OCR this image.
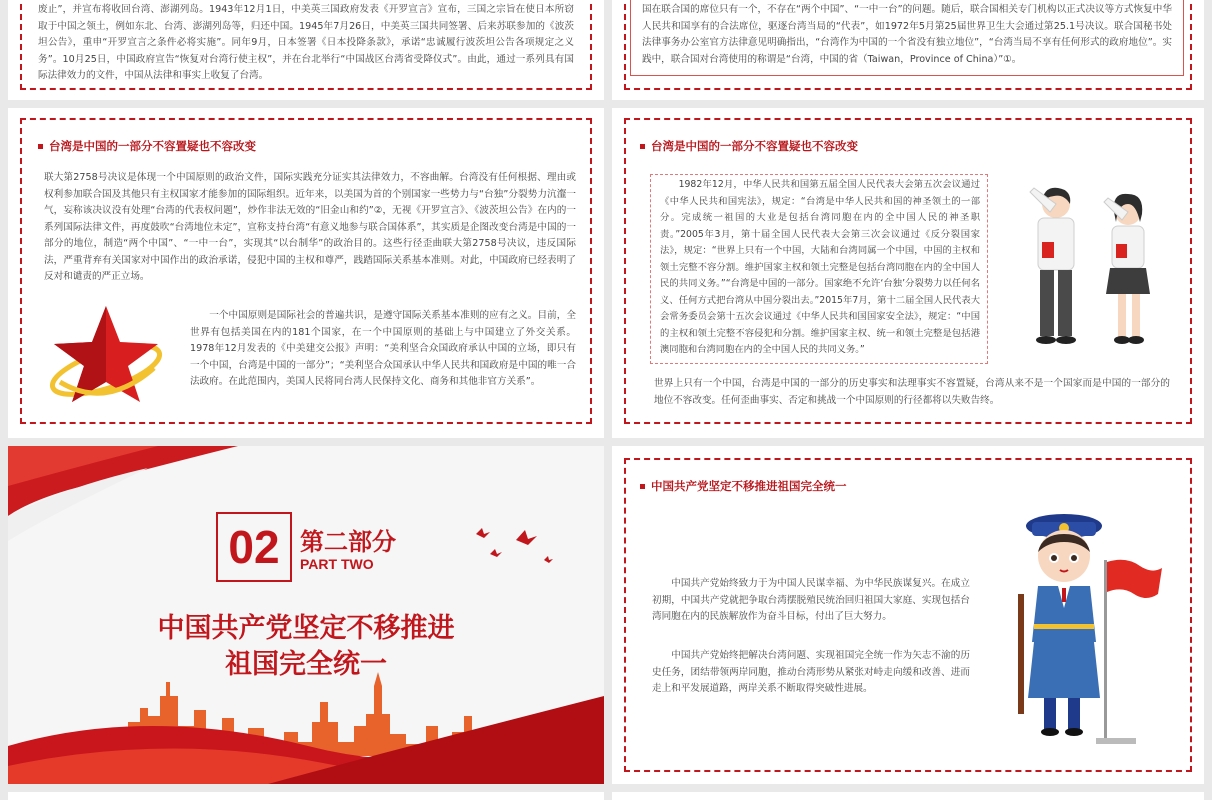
废止”，并宣布将收回台湾、澎湖列岛。1943年12月1日，中美英三国政府发表《开罗宣言》宣布，三国之宗旨在使日本所窃取于中国之领土，例如东北、台湾、澎湖列岛等，归还中国。1945年7月26日，中美英三国共同签署、后来苏联参加的《波茨坦公告》，重申“开罗宣言之条件必将实施”。同年9月，日本签署《日本投降条款》，承诺“忠诚履行波茨坦公告各项规定之义务”。10月25日，中国政府宣告“恢复对台湾行使主权”，并在台北举行“中国战区台湾省受降仪式”。由此，通过一系列具有国际法律效力的文件，中国从法律和事实上收复了台湾。

国在联合国的席位只有一个，不存在“两个中国”、“一中一台”的问题。随后，联合国相关专门机构以正式决议等方式恢复中华人民共和国享有的合法席位，驱逐台湾当局的“代表”，如1972年5月第25届世界卫生大会通过第25.1号决议。联合国秘书处法律事务办公室官方法律意见明确指出，“台湾作为中国的一个省没有独立地位”，“台湾当局不享有任何形式的政府地位”。实践中，联合国对台湾使用的称谓是“台湾，中国的省（Taiwan，Province of China）”①。

台湾是中国的一部分不容置疑也不容改变

联大第2758号决议是体现一个中国原则的政治文件，国际实践充分证实其法律效力，不容曲解。台湾没有任何根据、理由或权利参加联合国及其他只有主权国家才能参加的国际组织。近年来，以美国为首的个别国家一些势力与“台独”分裂势力沆瀣一气，妄称该决议没有处理“台湾的代表权问题”，炒作非法无效的“旧金山和约”②，无视《开罗宣言》、《波茨坦公告》在内的一系列国际法律文件，再度鼓吹“台湾地位未定”，宣称支持台湾“有意义地参与联合国体系”，其实质是企图改变台湾是中国的一部分的地位，制造“两个中国”、“一中一台”，实现其“以台制华”的政治目的。这些行径歪曲联大第2758号决议，违反国际法，严重背弃有关国家对中国作出的政治承诺，侵犯中国的主权和尊严，践踏国际关系基本准则。对此，中国政府已经表明了反对和谴责的严正立场。

一个中国原则是国际社会的普遍共识，是遵守国际关系基本准则的应有之义。目前，全世界有包括美国在内的181个国家，在一个中国原则的基础上与中国建立了外交关系。1978年12月发表的《中美建交公报》声明：“美利坚合众国政府承认中国的立场，即只有一个中国，台湾是中国的一部分”；“美利坚合众国承认中华人民共和国政府是中国的唯一合法政府。在此范围内，美国人民将同台湾人民保持文化、商务和其他非官方关系”。

台湾是中国的一部分不容置疑也不容改变

1982年12月，中华人民共和国第五届全国人民代表大会第五次会议通过《中华人民共和国宪法》，规定：“台湾是中华人民共和国的神圣领土的一部分。完成统一祖国的大业是包括台湾同胞在内的全中国人民的神圣职责。”2005年3月，第十届全国人民代表大会第三次会议通过《反分裂国家法》，规定：“世界上只有一个中国，大陆和台湾同属一个中国，中国的主权和领土完整不容分割。维护国家主权和领土完整是包括台湾同胞在内的全中国人民的共同义务。”“台湾是中国的一部分。国家绝不允许‘台独’分裂势力以任何名义、任何方式把台湾从中国分裂出去。”2015年7月，第十二届全国人民代表大会常务委员会第十五次会议通过《中华人民共和国国家安全法》，规定：“中国的主权和领土完整不容侵犯和分割。维护国家主权、统一和领土完整是包括港澳同胞和台湾同胞在内的全中国人民的共同义务。”

世界上只有一个中国，台湾是中国的一部分的历史事实和法理事实不容置疑，台湾从来不是一个国家而是中国的一部分的地位不容改变。任何歪曲事实、否定和挑战一个中国原则的行径都将以失败告终。

02 第二部分
PART TWO
中国共产党坚定不移推进
祖国完全统一
中国共产党坚定不移推进祖国完全统一

中国共产党始终致力于为中国人民谋幸福、为中华民族谋复兴。在成立初期，中国共产党就把争取台湾摆脱殖民统治回归祖国大家庭、实现包括台湾同胞在内的民族解放作为奋斗目标，付出了巨大努力。

中国共产党始终把解决台湾问题、实现祖国完全统一作为矢志不渝的历史任务，团结带领两岸同胞，推动台湾形势从紧张对峙走向缓和改善、进而走上和平发展道路，两岸关系不断取得突破性进展。
